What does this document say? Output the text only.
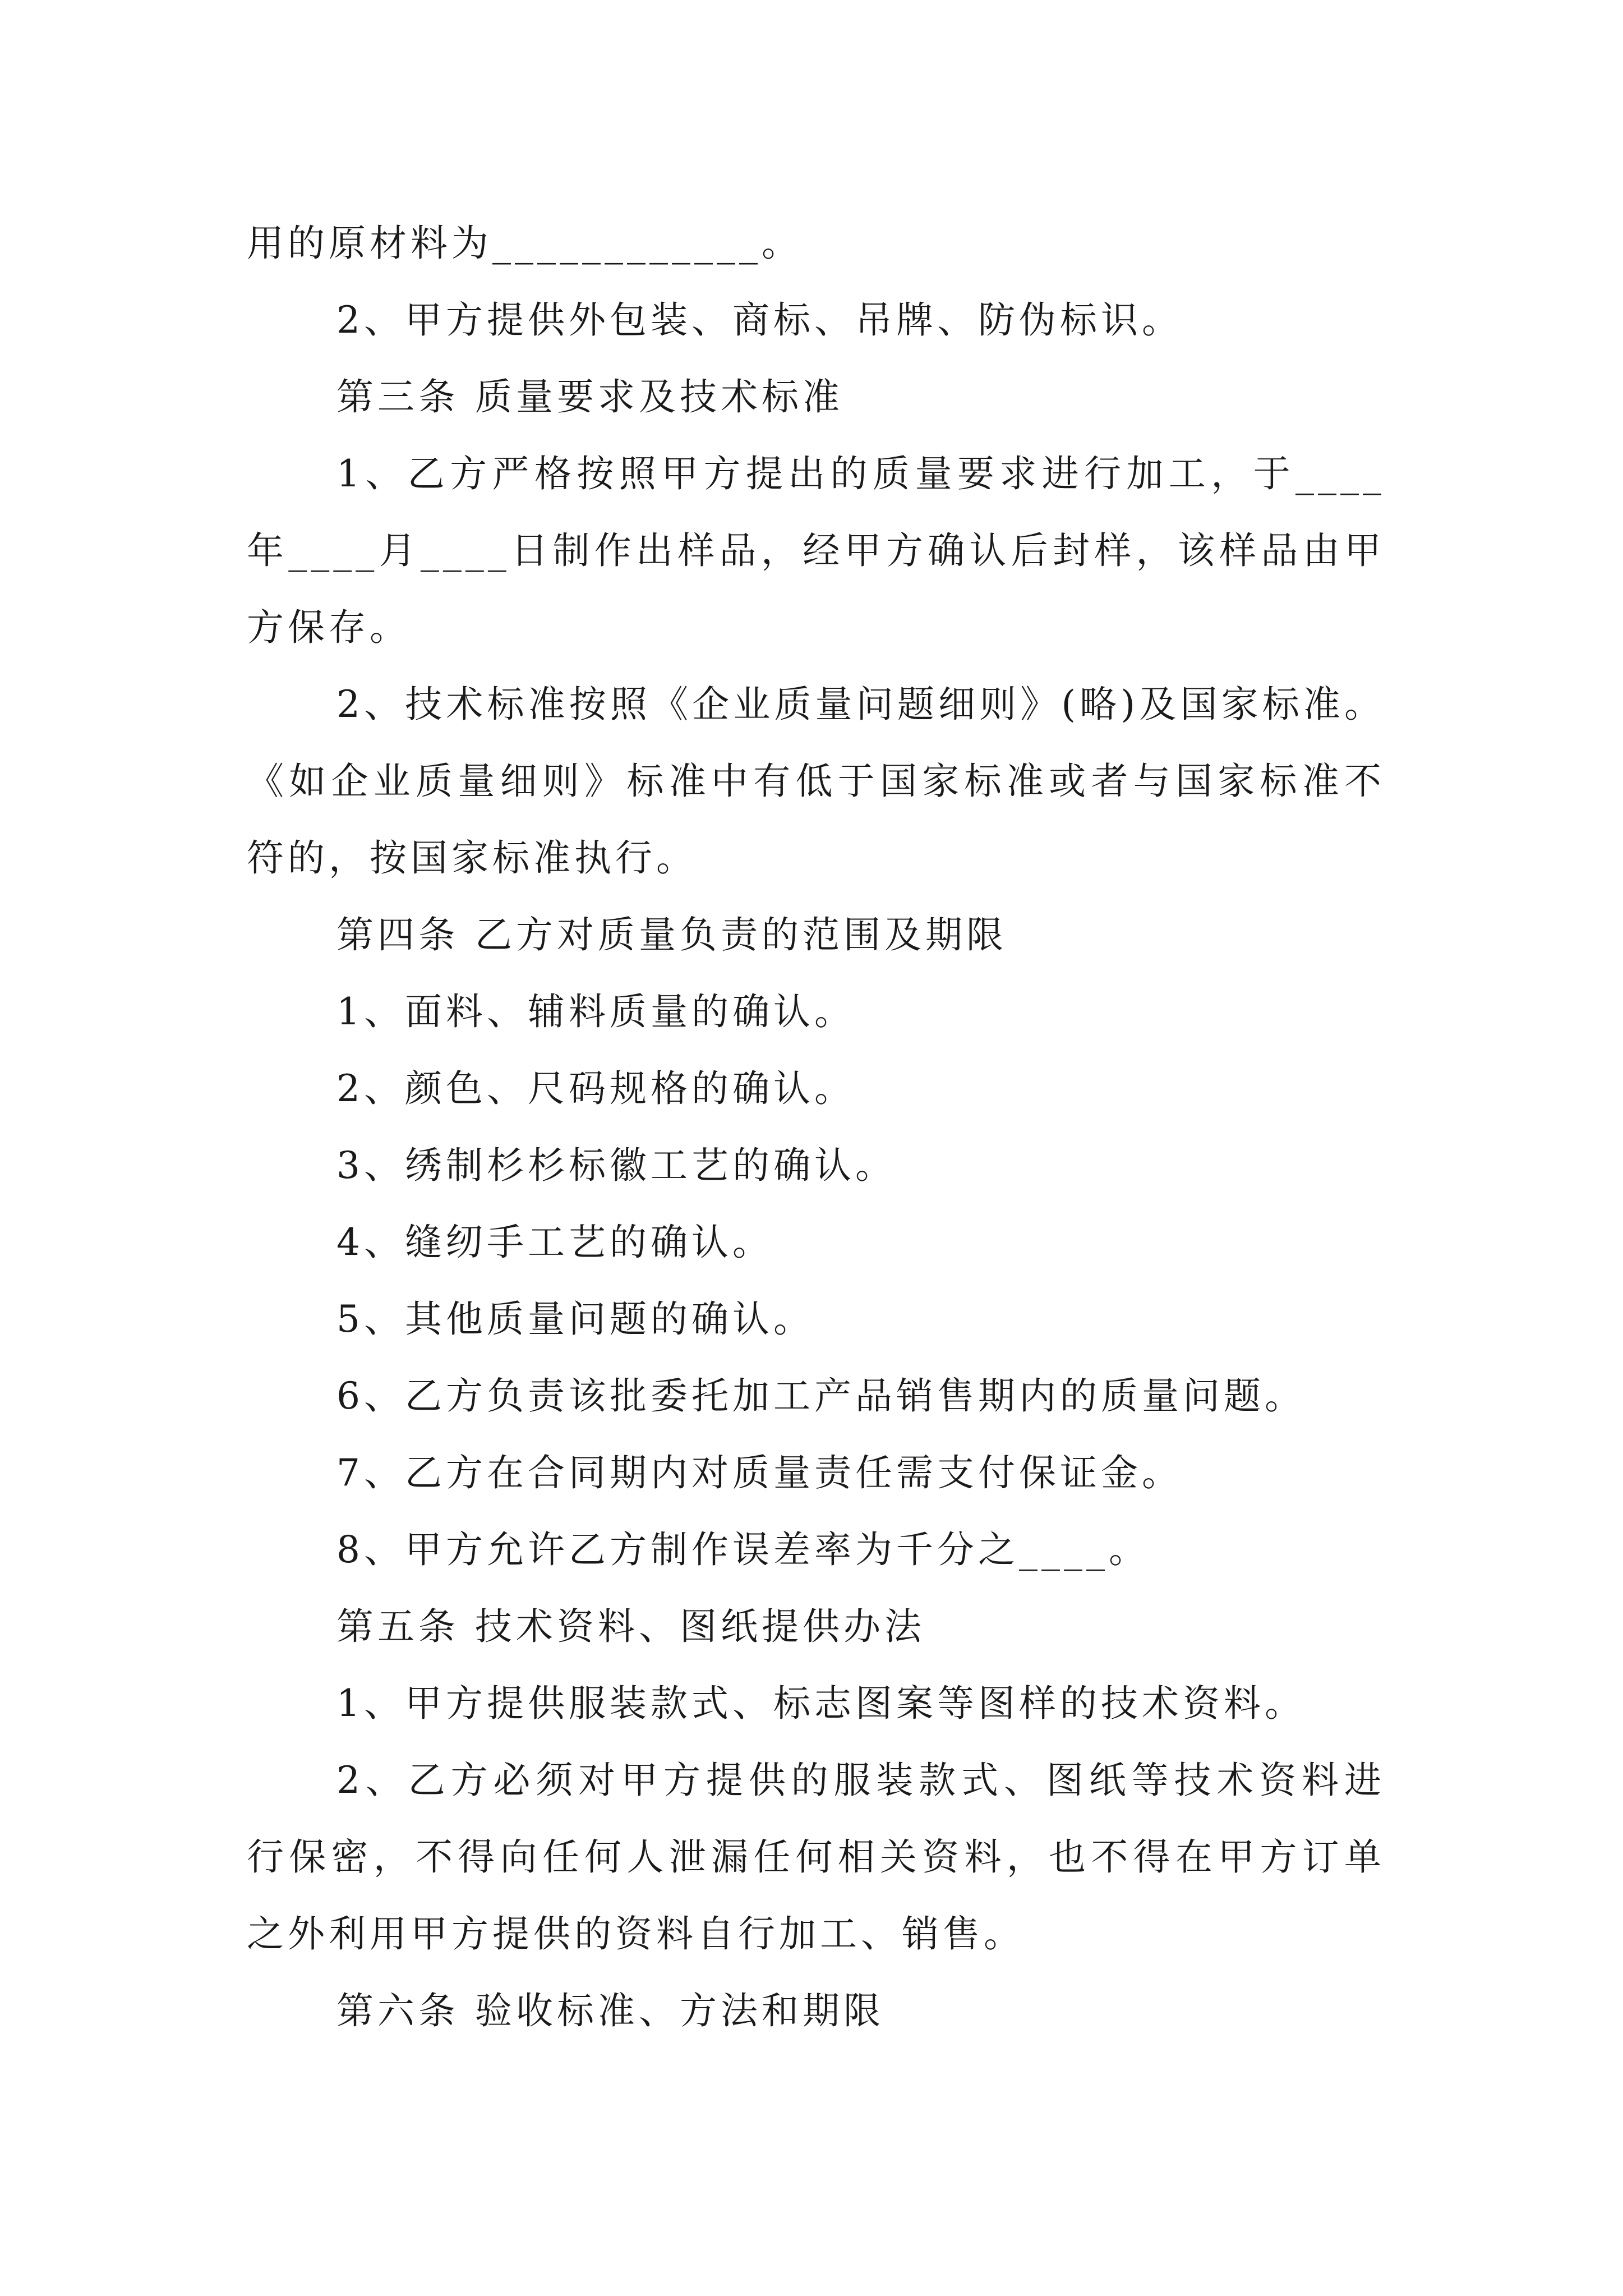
用的原材料为____________。

2、甲方提供外包装、商标、吊牌、防伪标识。

第三条 质量要求及技术标准

1、乙方严格按照甲方提出的质量要求进行加工，于____年____月____日制作出样品，经甲方确认后封样，该样品由甲方保存。

2、技术标准按照《企业质量问题细则》(略)及国家标准。《如企业质量细则》标准中有低于国家标准或者与国家标准不符的，按国家标准执行。

第四条 乙方对质量负责的范围及期限

1、面料、辅料质量的确认。

2、颜色、尺码规格的确认。

3、绣制杉杉标徽工艺的确认。

4、缝纫手工艺的确认。

5、其他质量问题的确认。

6、乙方负责该批委托加工产品销售期内的质量问题。

7、乙方在合同期内对质量责任需支付保证金。

8、甲方允许乙方制作误差率为千分之____。

第五条 技术资料、图纸提供办法

1、甲方提供服装款式、标志图案等图样的技术资料。

2、乙方必须对甲方提供的服装款式、图纸等技术资料进行保密，不得向任何人泄漏任何相关资料，也不得在甲方订单之外利用甲方提供的资料自行加工、销售。

第六条 验收标准、方法和期限
